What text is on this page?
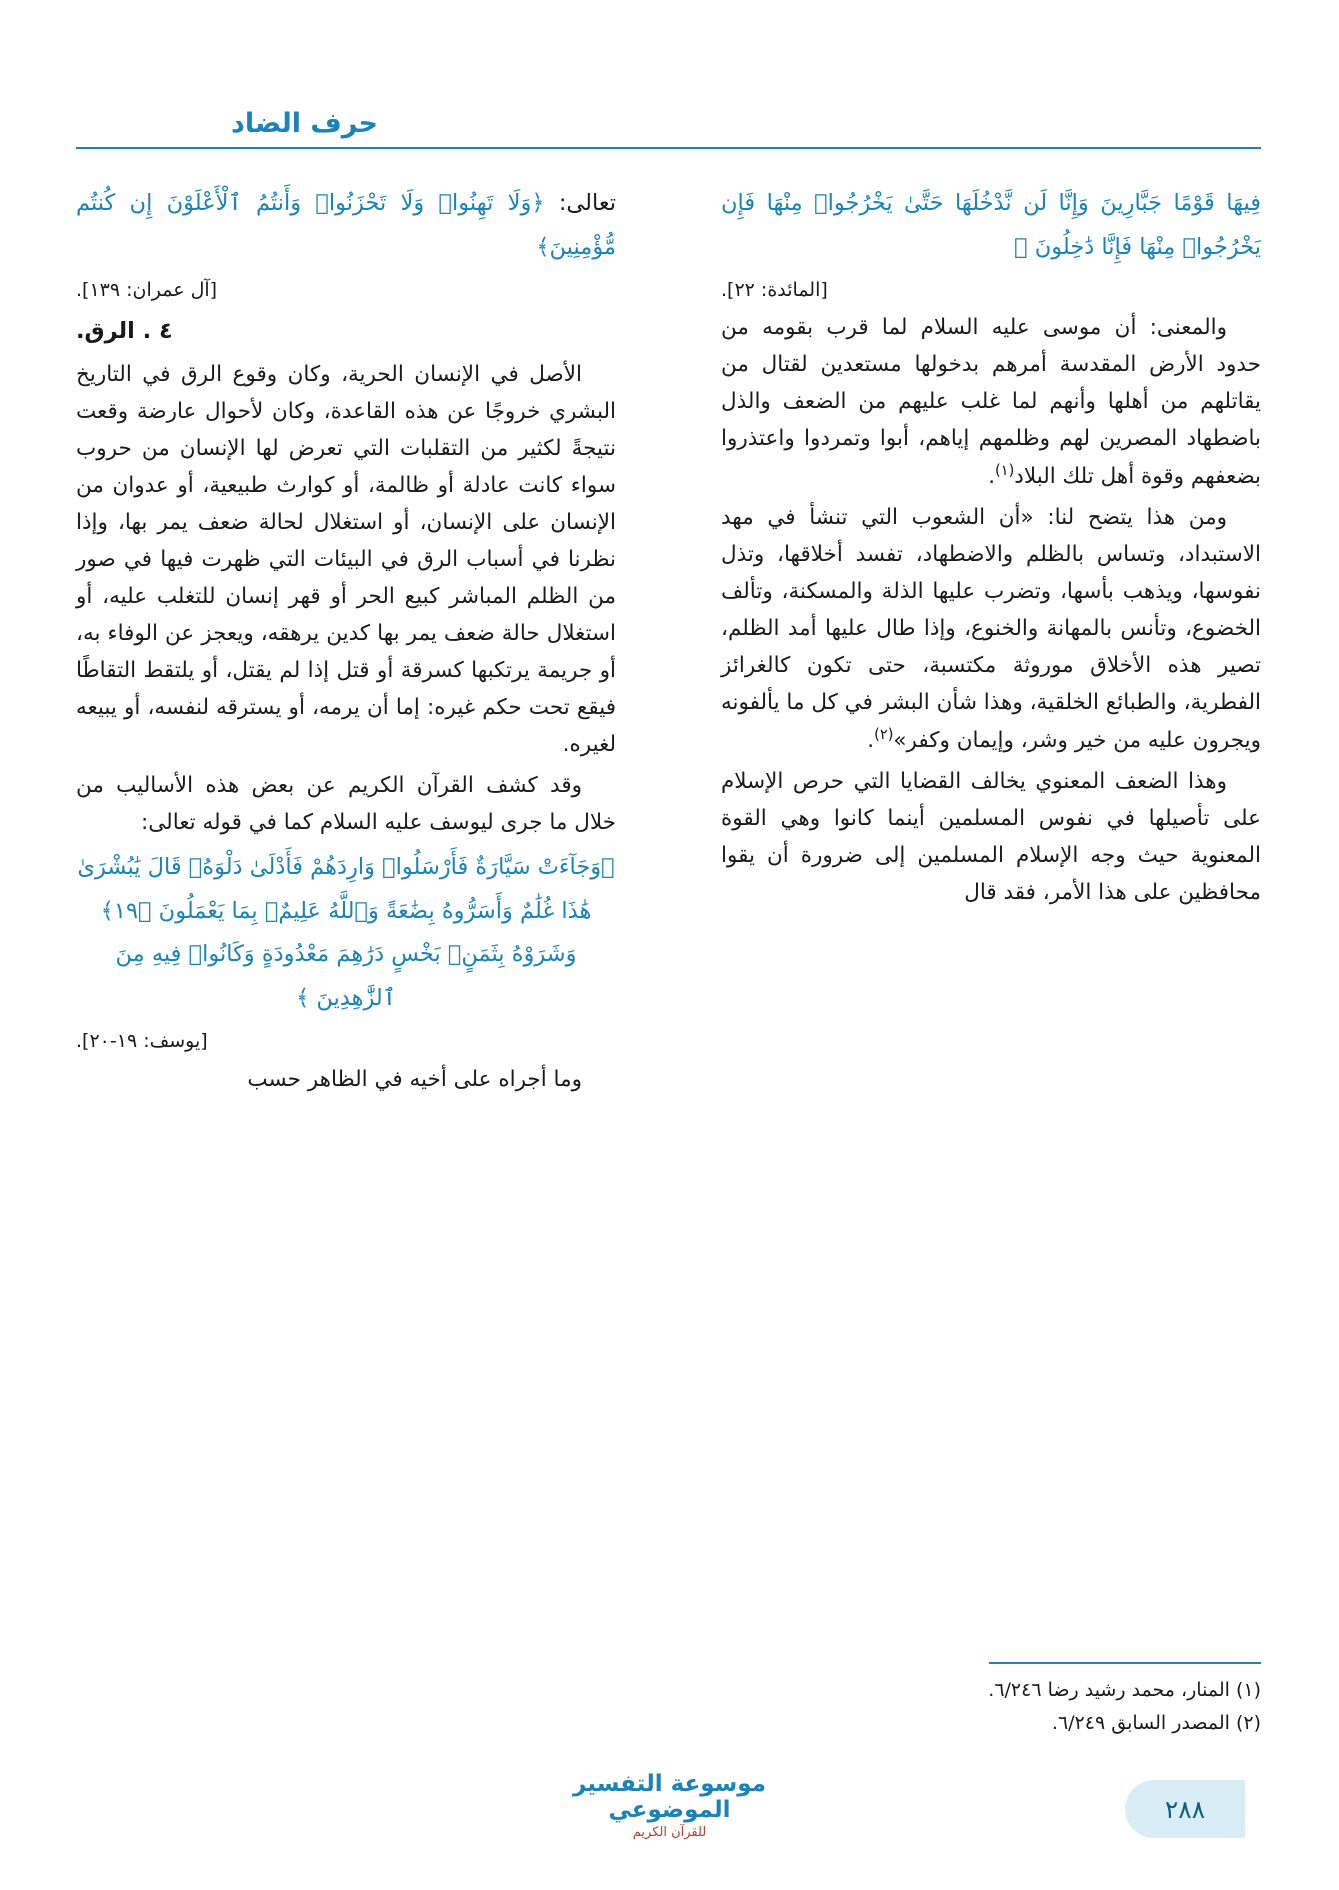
حرف الضاد

فِيهَا قَوْمًا جَبَّارِينَ وَإِنَّا لَن نَّدْخُلَهَا حَتَّىٰ يَخْرُجُوا۟ مِنْهَا فَإِن يَخْرُجُوا۟ مِنْهَا فَإِنَّا دَٰخِلُونَ ﴾

[المائدة: ٢٢].

والمعنى: أن موسى عليه السلام لما قرب بقومه من حدود الأرض المقدسة أمرهم بدخولها مستعدين لقتال من يقاتلهم من أهلها وأنهم لما غلب عليهم من الضعف والذل باضطهاد المصرين لهم وظلمهم إياهم، أبوا وتمردوا واعتذروا بضعفهم وقوة أهل تلك البلاد$^{(١)}$.

ومن هذا يتضح لنا: «أن الشعوب التي تنشأ في مهد الاستبداد، وتساس بالظلم والاضطهاد، تفسد أخلاقها، وتذل نفوسها، ويذهب بأسها، وتضرب عليها الذلة والمسكنة، وتألف الخضوع، وتأنس بالمهانة والخنوع، وإذا طال عليها أمد الظلم، تصير هذه الأخلاق موروثة مكتسبة، حتى تكون كالغرائز الفطرية، والطبائع الخلقية، وهذا شأن البشر في كل ما يألفونه ويجرون عليه من خير وشر، وإيمان وكفر»$^{(٢)}$.

وهذا الضعف المعنوي يخالف القضايا التي حرص الإسلام على تأصيلها في نفوس المسلمين أينما كانوا وهي القوة المعنوية حيث وجه الإسلام المسلمين إلى ضرورة أن يقوا محافظين على هذا الأمر، فقد قال

تعالى: ﴿وَلَا تَهِنُوا۟ وَلَا تَحْزَنُوا۟ وَأَنتُمُ ٱلْأَعْلَوْنَ إِن كُنتُم مُّؤْمِنِينَ﴾

[آل عمران: ١٣٩].

٤ . الرق.

الأصل في الإنسان الحرية، وكان وقوع الرق في التاريخ البشري خروجًا عن هذه القاعدة، وكان لأحوال عارضة وقعت نتيجةً لكثير من التقلبات التي تعرض لها الإنسان من حروب سواء كانت عادلة أو ظالمة، أو كوارث طبيعية، أو عدوان من الإنسان على الإنسان، أو استغلال لحالة ضعف يمر بها، وإذا نظرنا في أسباب الرق في البيئات التي ظهرت فيها في صور من الظلم المباشر كبيع الحر أو قهر إنسان للتغلب عليه، أو استغلال حالة ضعف يمر بها كدين يرهقه، ويعجز عن الوفاء به، أو جريمة يرتكبها كسرقة أو قتل إذا لم يقتل، أو يلتقط التقاطًا فيقع تحت حكم غيره: إما أن يرمه، أو يسترقه لنفسه، أو يبيعه لغيره.

وقد كشف القرآن الكريم عن بعض هذه الأساليب من خلال ما جرى ليوسف عليه السلام كما في قوله تعالى:

﴿وَجَآءَتْ سَيَّارَةٌ فَأَرْسَلُوا۟ وَارِدَهُمْ فَأَدْلَىٰ دَلْوَهُۥ قَالَ يَٰبُشْرَىٰ هَٰذَا غُلَٰمٌ وَأَسَرُّوهُ بِضَٰعَةً وَٱللَّهُ عَلِيمٌۢ بِمَا يَعْمَلُونَ ﴿١٩﴾ وَشَرَوْهُ بِثَمَنٍۭ بَخْسٍ دَرَٰهِمَ مَعْدُودَةٍ وَكَانُوا۟ فِيهِ مِنَ ٱلزَّٰهِدِينَ ﴾

[يوسف: ١٩-٢٠].

وما أجراه على أخيه في الظاهر حسب

(١) المنار، محمد رشيد رضا ٦/٢٤٦.
(٢) المصدر السابق ٦/٢٤٩.
موسوعة التفسير الموضوعي
للقرآن الكريم
٢٨٨
